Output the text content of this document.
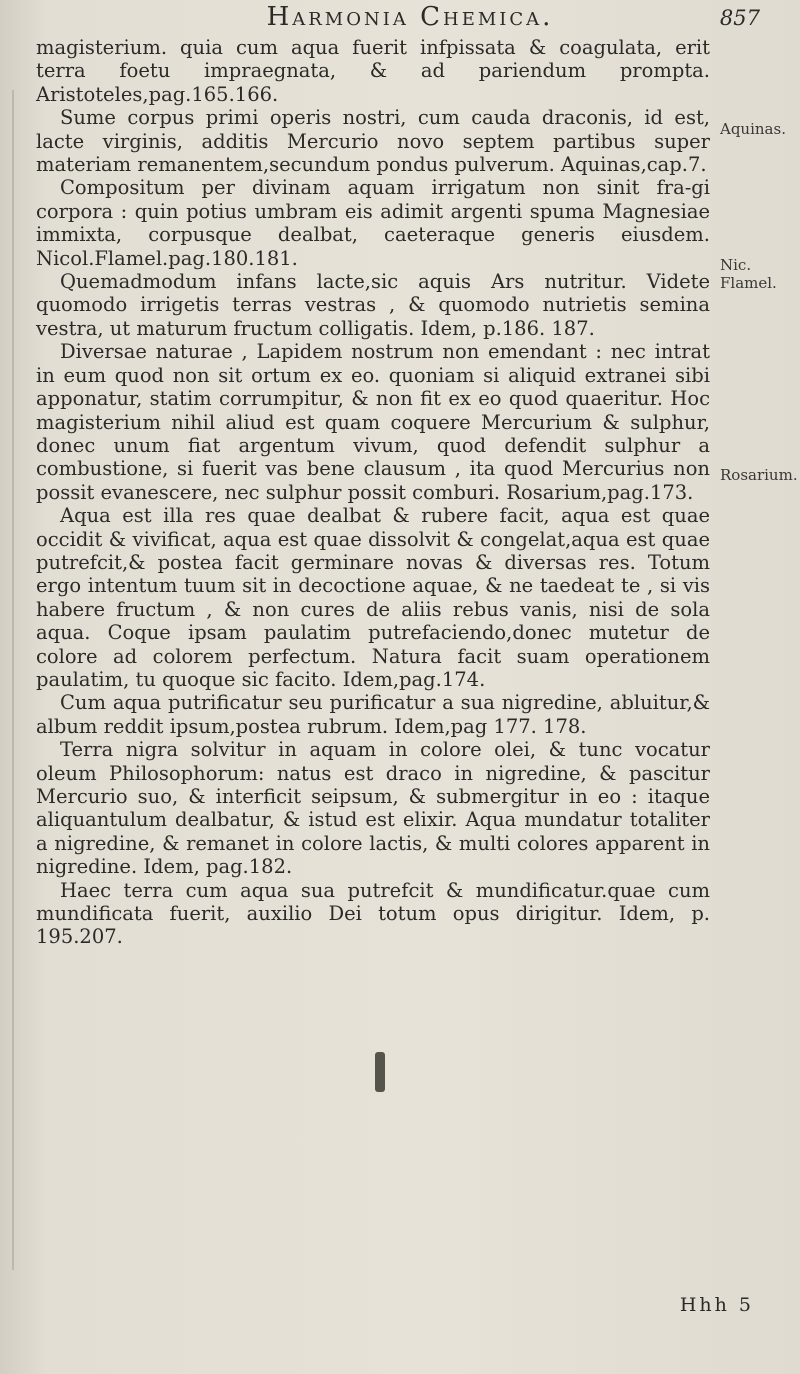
Harmonia Chemica.	857

magisterium. quia cum aqua fuerit infpissata & coagulata, erit terra foetu impraegnata, & ad pariendum prompta. Aristoteles,pag.165.166.

Sume corpus primi operis nostri, cum cauda draconis, id est, lacte virginis, additis Mercurio novo septem partibus super materiam remanentem,secundum pondus pulverum. Aquinas,cap.7.

Compositum per divinam aquam irrigatum non sinit fra-gi corpora : quin potius umbram eis adimit argenti spuma Magnesiae immixta, corpusque dealbat, caeteraque generis eiusdem. Nicol.Flamel.pag.180.181.

Quemadmodum infans lacte,sic aquis Ars nutritur. Videte quomodo irrigetis terras vestras , & quomodo nutrietis semina vestra, ut maturum fructum colligatis. Idem, p.186. 187.

Diversae naturae , Lapidem nostrum non emendant : nec intrat in eum quod non sit ortum ex eo. quoniam si aliquid extranei sibi apponatur, statim corrumpitur, & non fit ex eo quod quaeritur. Hoc magisterium nihil aliud est quam coquere Mercurium & sulphur, donec unum fiat argentum vivum, quod defendit sulphur a combustione, si fuerit vas bene clausum , ita quod Mercurius non possit evanescere, nec sulphur possit comburi. Rosarium,pag.173.

Aqua est illa res quae dealbat & rubere facit, aqua est quae occidit & vivificat, aqua est quae dissolvit & congelat,aqua est quae putrefcit,& postea facit germinare novas & diversas res. Totum ergo intentum tuum sit in decoctione aquae, & ne taedeat te , si vis habere fructum , & non cures de aliis rebus vanis, nisi de sola aqua. Coque ipsam paulatim putrefaciendo,donec mutetur de colore ad colorem perfectum. Natura facit suam operationem paulatim, tu quoque sic facito. Idem,pag.174.

Cum aqua putrificatur seu purificatur a sua nigredine, abluitur,& album reddit ipsum,postea rubrum. Idem,pag 177. 178.

Terra nigra solvitur in aquam in colore olei, & tunc vocatur oleum Philosophorum: natus est draco in nigredine, & pascitur Mercurio suo, & interficit seipsum, & submergitur in eo : itaque aliquantulum dealbatur, & istud est elixir. Aqua mundatur totaliter a nigredine, & remanet in colore lactis, & multi colores apparent in nigredine. Idem, pag.182.

Haec terra cum aqua sua putrefcit & mundificatur.quae cum mundificata fuerit, auxilio Dei totum opus dirigitur. Idem, p. 195.207.

Aquinas.
Nic. Flamel.
Rosarium.
Hhh 5
